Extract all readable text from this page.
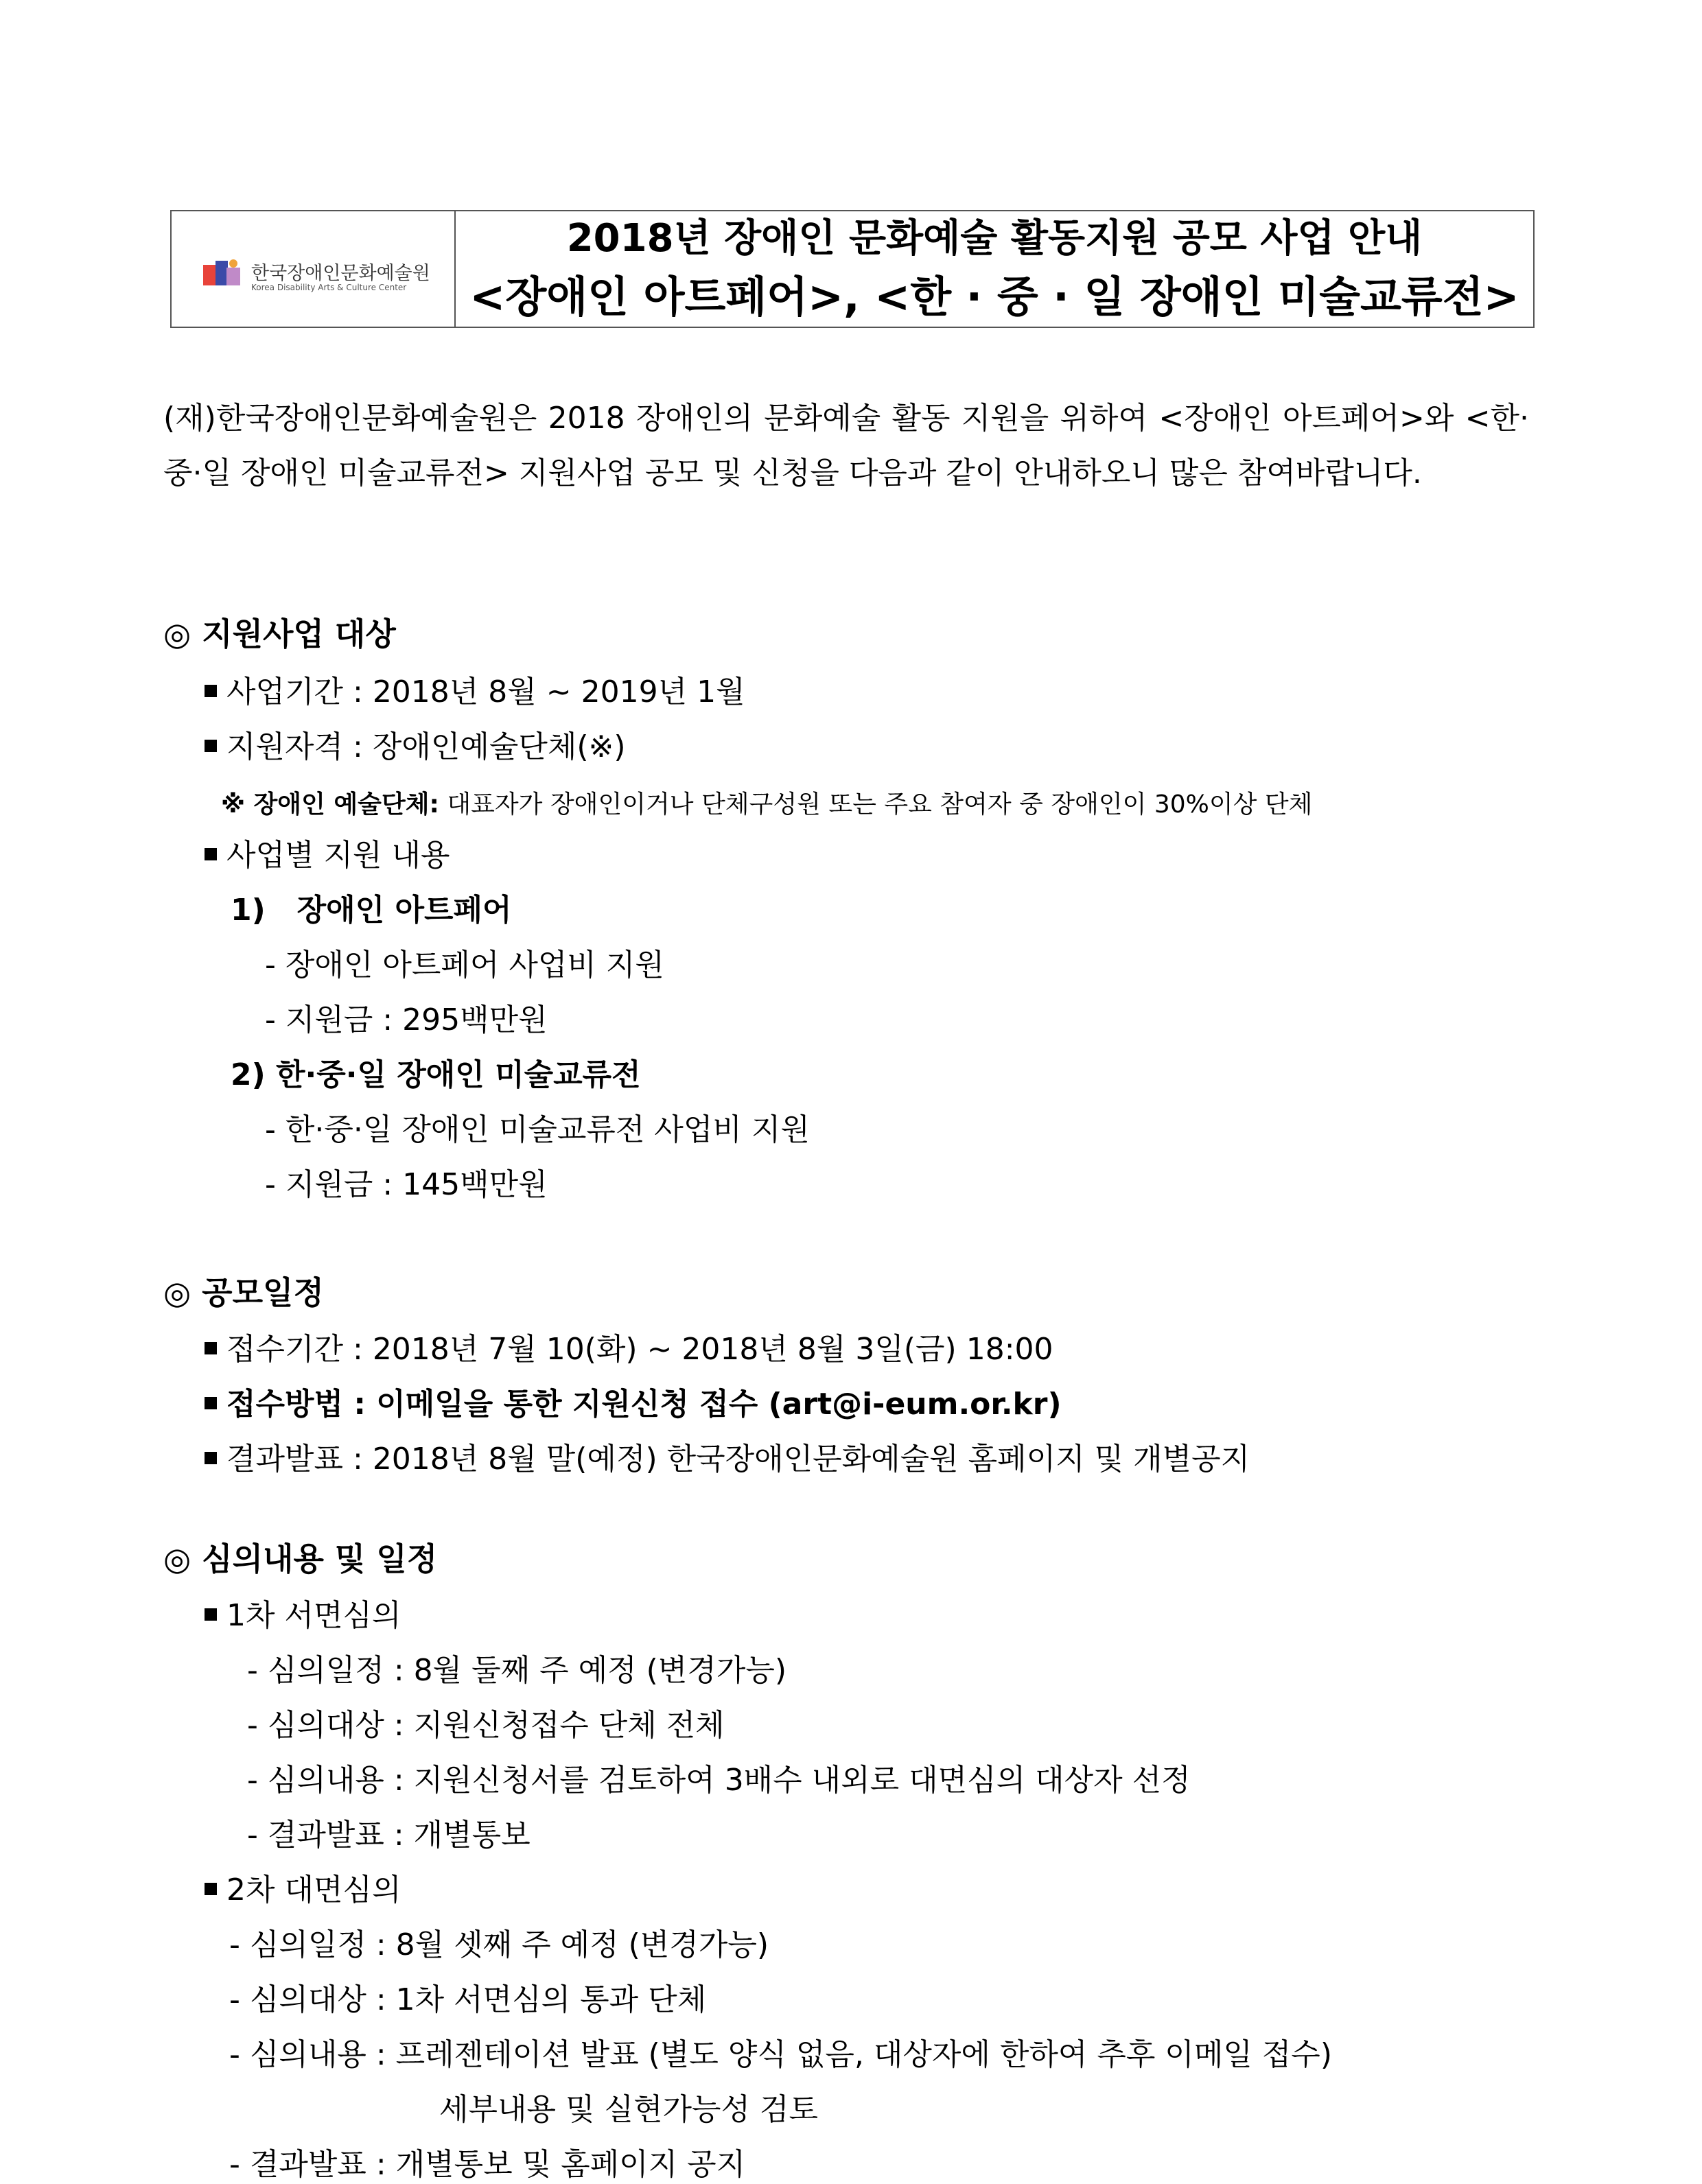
한국장애인문화예술원
Korea Disability Arts & Culture Center
2018년 장애인 문화예술 활동지원 공모 사업 안내
<장애인 아트페어>, <한 · 중 · 일 장애인 미술교류전>
(재)한국장애인문화예술원은 2018 장애인의 문화예술 활동 지원을 위하여 <장애인 아트페어>와 <한·중·일 장애인 미술교류전> 지원사업 공모 및 신청을 다음과 같이 안내하오니 많은 참여바랍니다.
◎ 지원사업 대상
사업기간 : 2018년 8월 ~ 2019년 1월
지원자격 : 장애인예술단체(※)
※ 장애인 예술단체: 대표자가 장애인이거나 단체구성원 또는 주요 참여자 중 장애인이 30%이상 단체
사업별 지원 내용
1)   장애인 아트페어
- 장애인 아트페어 사업비 지원
- 지원금 : 295백만원
2) 한·중·일 장애인 미술교류전
- 한·중·일 장애인 미술교류전 사업비 지원
- 지원금 : 145백만원
◎ 공모일정
접수기간 : 2018년 7월 10(화) ~ 2018년 8월 3일(금) 18:00
접수방법 : 이메일을 통한 지원신청 접수 (art@i-eum.or.kr)
결과발표 : 2018년 8월 말(예정) 한국장애인문화예술원 홈페이지 및 개별공지
◎ 심의내용 및 일정
1차 서면심의
- 심의일정 : 8월 둘째 주 예정 (변경가능)
- 심의대상 : 지원신청접수 단체 전체
- 심의내용 : 지원신청서를 검토하여 3배수 내외로 대면심의 대상자 선정
- 결과발표 : 개별통보
2차 대면심의
- 심의일정 : 8월 셋째 주 예정 (변경가능)
- 심의대상 : 1차 서면심의 통과 단체
- 심의내용 : 프레젠테이션 발표 (별도 양식 없음, 대상자에 한하여 추후 이메일 접수)
세부내용 및 실현가능성 검토
- 결과발표 : 개별통보 및 홈페이지 공지
